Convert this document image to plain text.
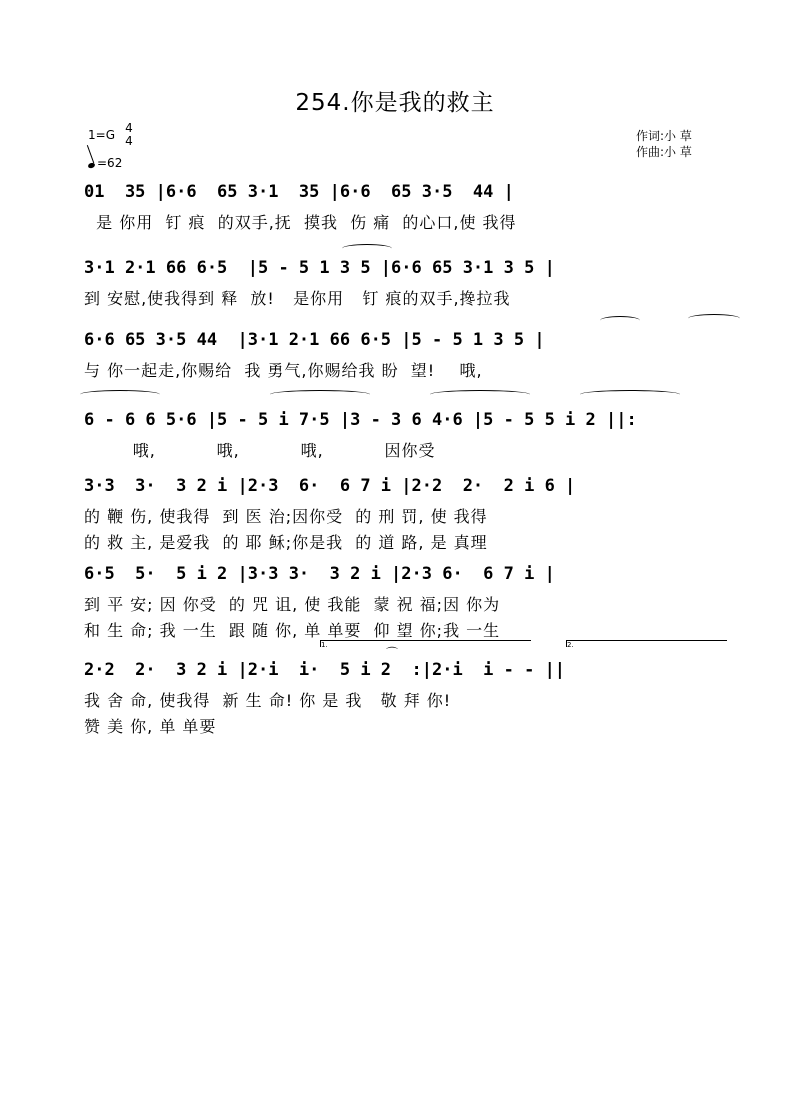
254.你是我的救主
1=G 4
4
=62
作词:小 草
作曲:小 草
01  35 |6·6  65 3·1  35 |6·6  65 3·5  44 |
是 你用  钉 痕  的双手,抚  摸我  伤 痛  的心口,使 我得
3·1 2·1 66 6·5  |5 - 5 1 3 5 |6·6 65 3·1 3 5 |
到 安慰,使我得到 释  放!   是你用   钉 痕的双手,搀拉我
6·6 65 3·5 44  |3·1 2·1 66 6·5 |5 - 5 1 3 5 |
与 你一起走,你赐给  我 勇气,你赐给我 盼  望!    哦,
6 - 6 6 5·6 |5 - 5 i 7·5 |3 - 3 6 4·6 |5 - 5 5 i 2 ||:
哦,          哦,          哦,          因你受
3·3  3·  3 2 i |2·3  6·  6 7 i |2·2  2·  2 i 6 |
的 鞭 伤, 使我得  到 医 治;因你受  的 刑 罚, 使 我得
的 救 主, 是爱我  的 耶 稣;你是我  的 道 路, 是 真理
6·5  5·  5 i 2 |3·3 3·  3 2 i |2·3 6·  6 7 i |
到 平 安; 因 你受  的 咒 诅, 使 我能  蒙 祝 福;因 你为
和 生 命; 我 一生  跟 随 你, 单 单要  仰 望 你;我 一生
1.	2.
⌒
2·2  2·  3 2 i |2·i  i·  5 i 2  :|2·i  i - - ||
我 舍 命, 使我得  新 生 命! 你 是 我   敬 拜 你!
赞 美 你, 单 单要
